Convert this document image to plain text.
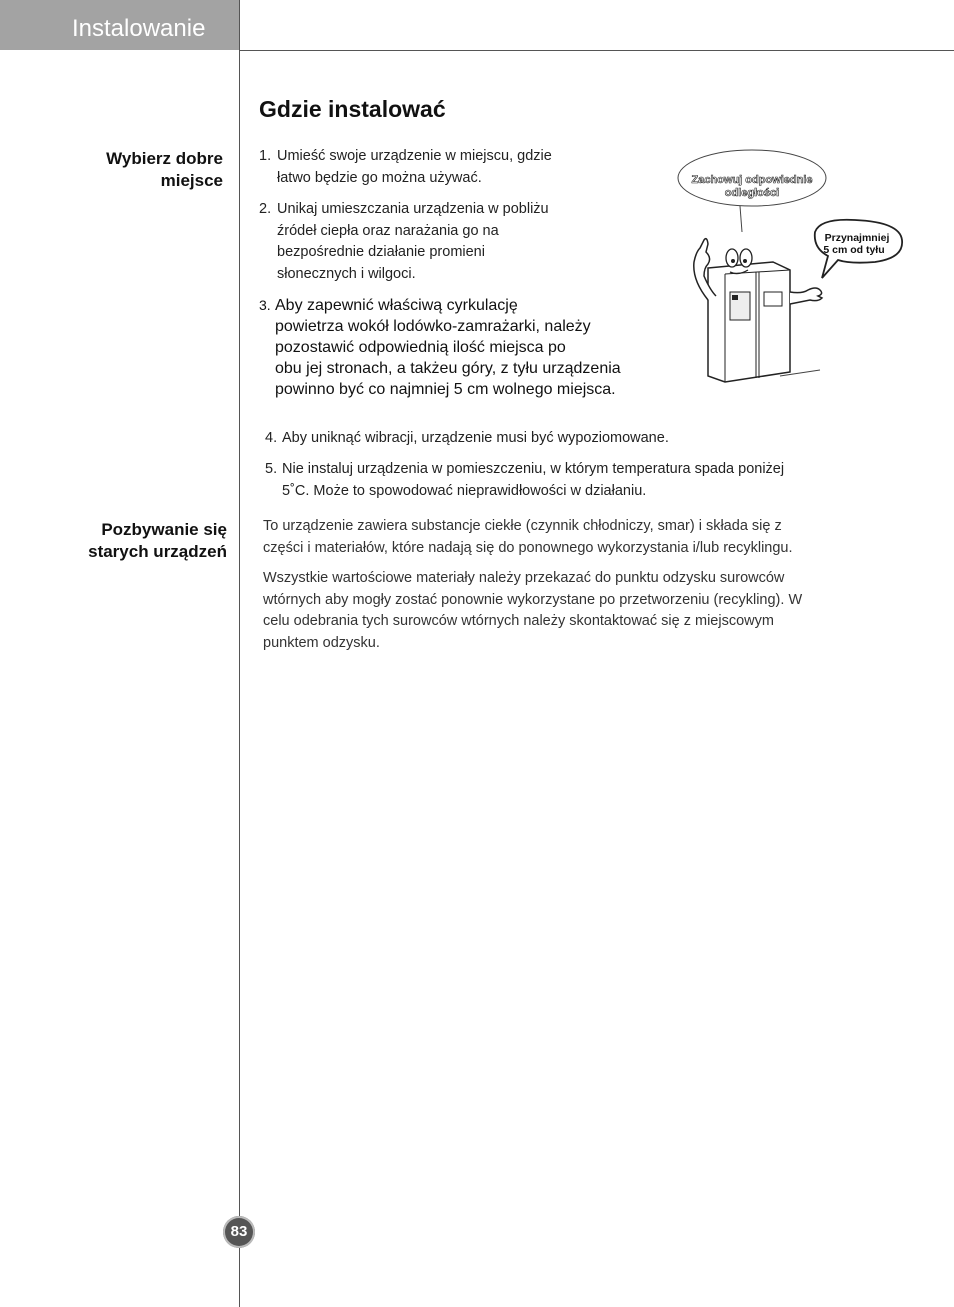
Instalowanie
Wybierz dobre
miejsce
Pozbywanie się
starych urządzeń
Gdzie instalować
1. Umieść swoje urządzenie w miejscu, gdzie
łatwo będzie go można używać.
2. Unikaj umieszczania urządzenia w pobliżu
źródeł ciepła oraz narażania go na
bezpośrednie działanie promieni
słonecznych i wilgoci.
3. Aby zapewnić właściwą cyrkulację
powietrza wokół lodówko-zamrażarki, należy
pozostawić odpowiednią ilość miejsca po
obu jej stronach, a takżeu góry, z tyłu urządzenia
powinno być co najmniej 5 cm wolnego miejsca.
4. Aby uniknąć wibracji, urządzenie musi być wypoziomowane.
5. Nie instaluj urządzenia w pomieszczeniu, w którym temperatura spada poniżej
5˚C. Może to spowodować nieprawidłowości w działaniu.
Zachowuj odpowiednie
odległości
Przynajmniej
5 cm od tyłu
To urządzenie zawiera substancje ciekłe (czynnik chłodniczy, smar) i składa się z
części i materiałów, które nadają się do ponownego wykorzystania i/lub recyklingu.
Wszystkie wartościowe materiały należy przekazać do punktu odzysku surowców
wtórnych aby mogły zostać ponownie wykorzystane po przetworzeniu (recykling). W
celu odebrania tych surowców wtórnych należy skontaktować się z miejscowym
punktem odzysku.
83
